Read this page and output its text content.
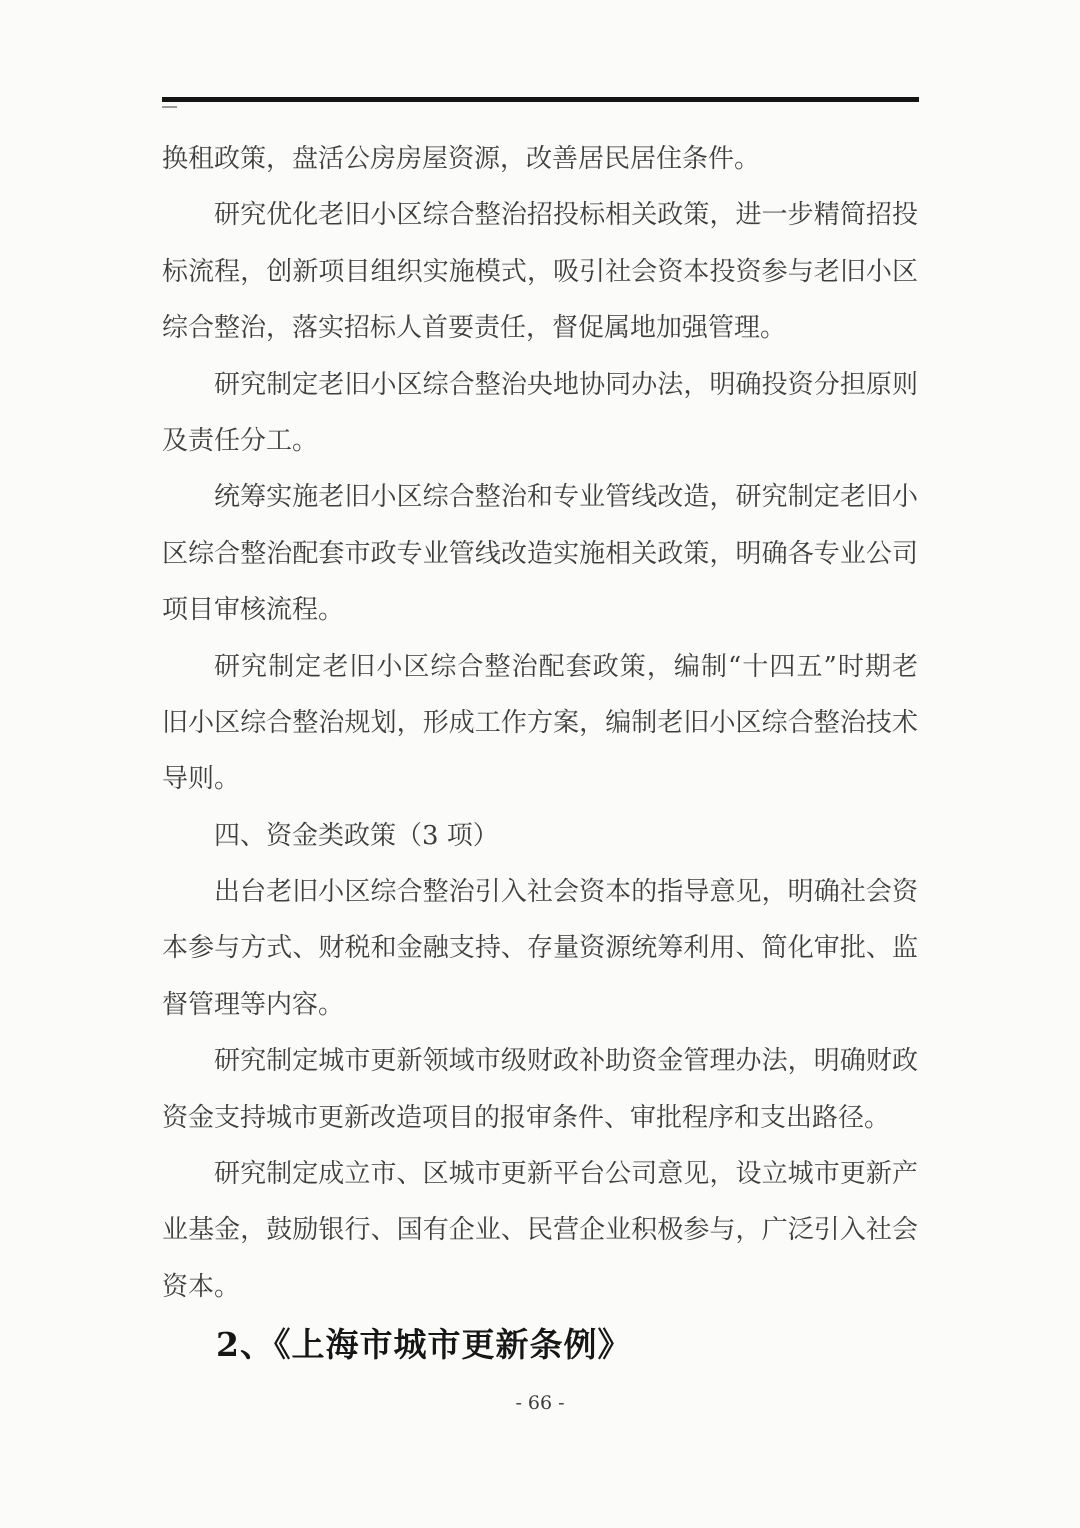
换租政策，盘活公房房屋资源，改善居民居住条件。
研究优化老旧小区综合整治招投标相关政策，进一步精简招投
标流程，创新项目组织实施模式，吸引社会资本投资参与老旧小区
综合整治，落实招标人首要责任，督促属地加强管理。
研究制定老旧小区综合整治央地协同办法，明确投资分担原则
及责任分工。
统筹实施老旧小区综合整治和专业管线改造，研究制定老旧小
区综合整治配套市政专业管线改造实施相关政策，明确各专业公司
项目审核流程。
研究制定老旧小区综合整治配套政策，编制“十四五”时期老
旧小区综合整治规划，形成工作方案，编制老旧小区综合整治技术
导则。
四、资金类政策（3 项）
出台老旧小区综合整治引入社会资本的指导意见，明确社会资
本参与方式、财税和金融支持、存量资源统筹利用、简化审批、监
督管理等内容。
研究制定城市更新领域市级财政补助资金管理办法，明确财政
资金支持城市更新改造项目的报审条件、审批程序和支出路径。
研究制定成立市、区城市更新平台公司意见，设立城市更新产
业基金，鼓励银行、国有企业、民营企业积极参与，广泛引入社会
资本。
2、《上海市城市更新条例》
- 66 -
